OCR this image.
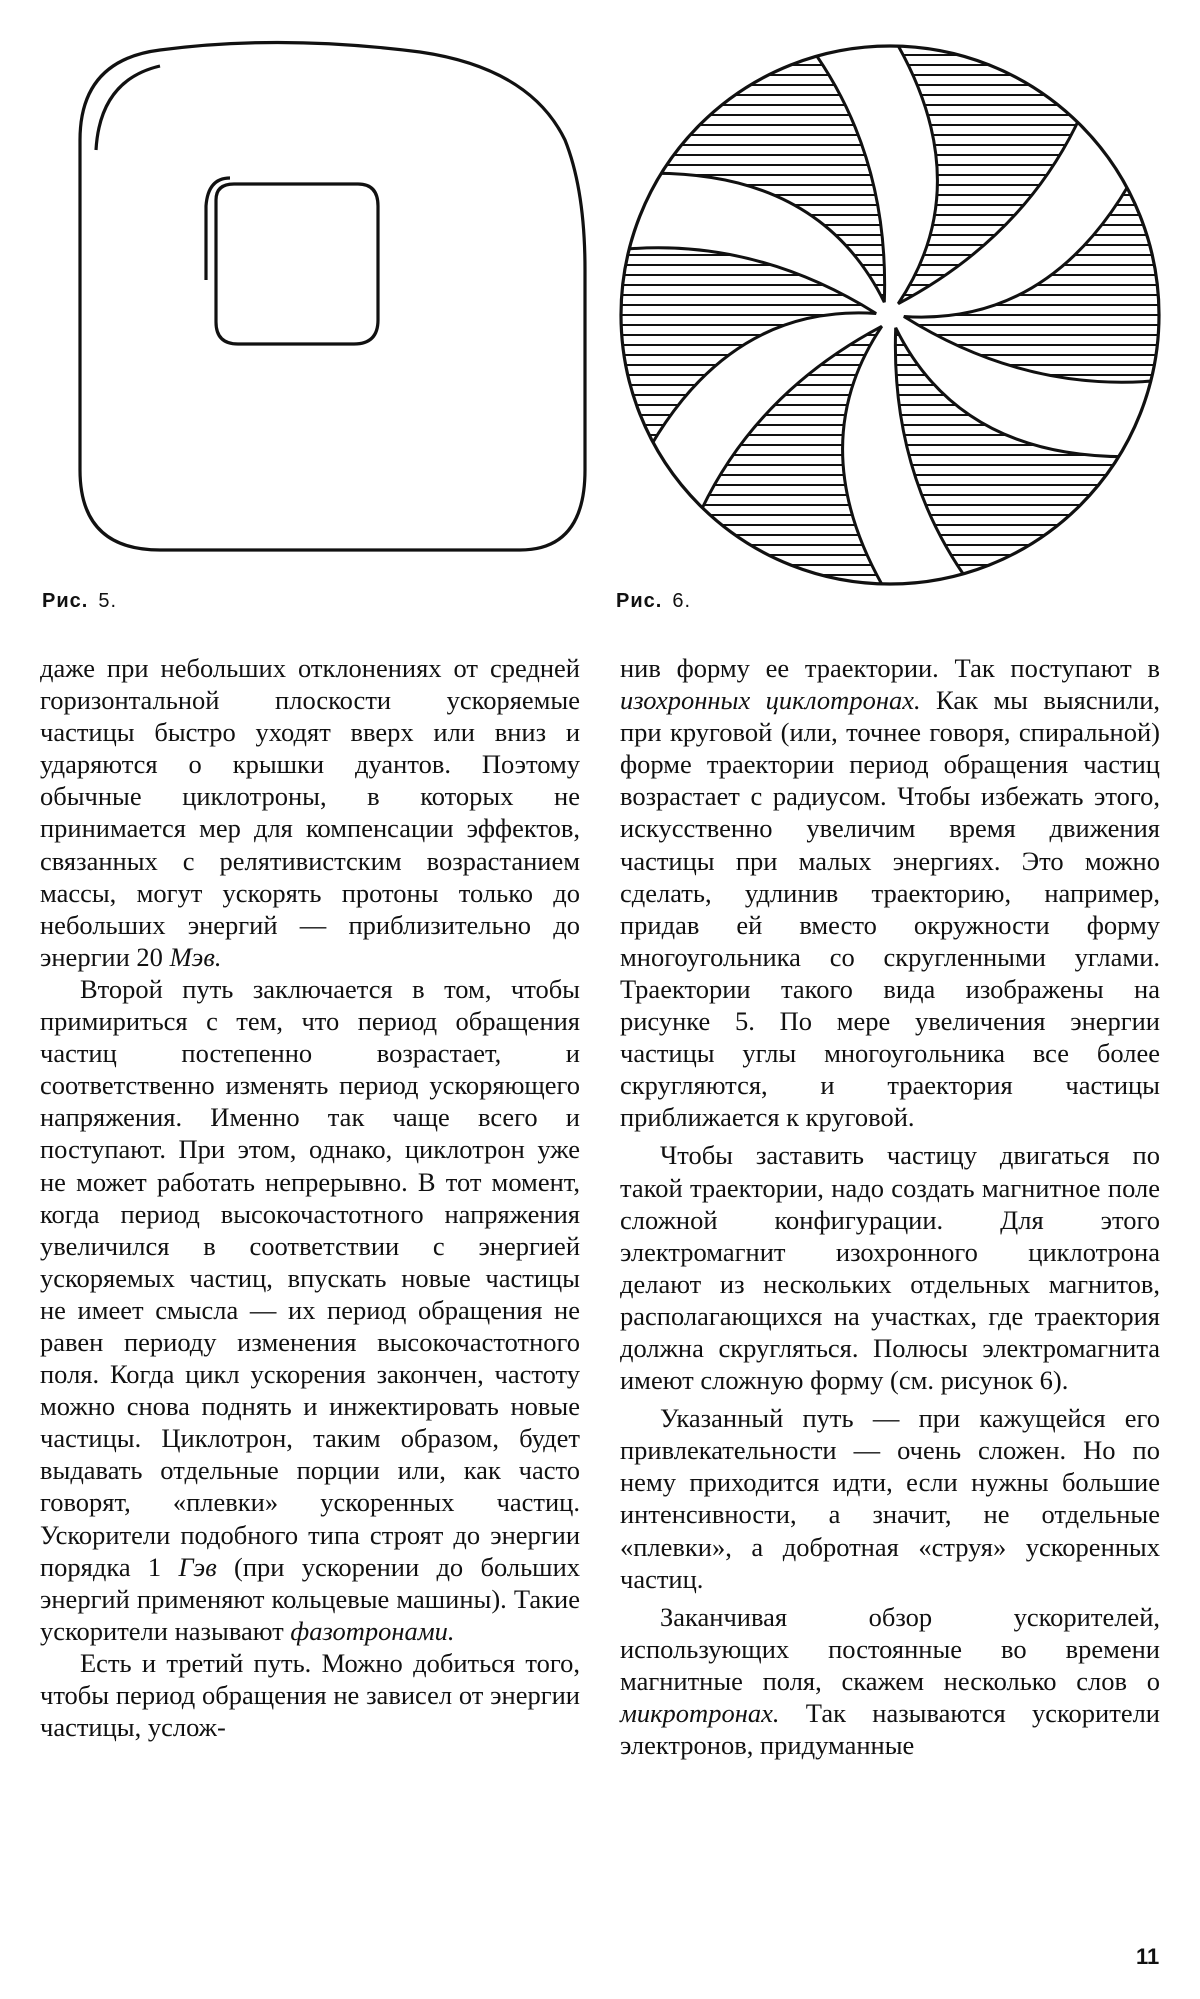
Рис. 5.	Рис. 6.

даже при небольших отклонениях от средней горизонтальной плоскости ускоряемые частицы быстро уходят вверх или вниз и ударяются о крышки дуантов. Поэтому обычные циклотроны, в которых не принимается мер для компенсации эффектов, связанных с релятивистским возрастанием массы, могут ускорять протоны только до небольших энергий — приблизительно до энергии 20 Мэв.

Второй путь заключается в том, чтобы примириться с тем, что период обращения частиц постепенно возрастает, и соответственно изменять период ускоряющего напряжения. Именно так чаще всего и поступают. При этом, однако, циклотрон уже не может работать непрерывно. В тот момент, когда период высокочастотного напряжения увеличился в соответствии с энергией ускоряемых частиц, впускать новые частицы не имеет смысла — их период обращения не равен периоду изменения высокочастотного поля. Когда цикл ускорения закончен, частоту можно снова поднять и инжектировать новые частицы. Циклотрон, таким образом, будет выдавать отдельные порции или, как часто говорят, «плевки» ускоренных частиц. Ускорители подобного типа строят до энергии порядка 1 Гэв (при ускорении до больших энергий применяют кольцевые машины). Такие ускорители называют фазотронами.

Есть и третий путь. Можно добиться того, чтобы период обращения не зависел от энергии частицы, услож-

нив форму ее траектории. Так поступают в изохронных циклотронах. Как мы выяснили, при круговой (или, точнее говоря, спиральной) форме траектории период обращения частиц возрастает с радиусом. Чтобы избежать этого, искусственно увеличим время движения частицы при малых энергиях. Это можно сделать, удлинив траекторию, например, придав ей вместо окружности форму многоугольника со скругленными углами. Траектории такого вида изображены на рисунке 5. По мере увеличения энергии частицы углы многоугольника все более скругляются, и траектория частицы приближается к круговой.

Чтобы заставить частицу двигаться по такой траектории, надо создать магнитное поле сложной конфигурации. Для этого электромагнит изохронного циклотрона делают из нескольких отдельных магнитов, располагающихся на участках, где траектория должна скругляться. Полюсы электромагнита имеют сложную форму (см. рисунок 6).

Указанный путь — при кажущейся его привлекательности — очень сложен. Но по нему приходится идти, если нужны большие интенсивности, а значит, не отдельные «плевки», а добротная «струя» ускоренных частиц.

Заканчивая обзор ускорителей, использующих постоянные во времени магнитные поля, скажем несколько слов о микротронах. Так называются ускорители электронов, придуманные

11
